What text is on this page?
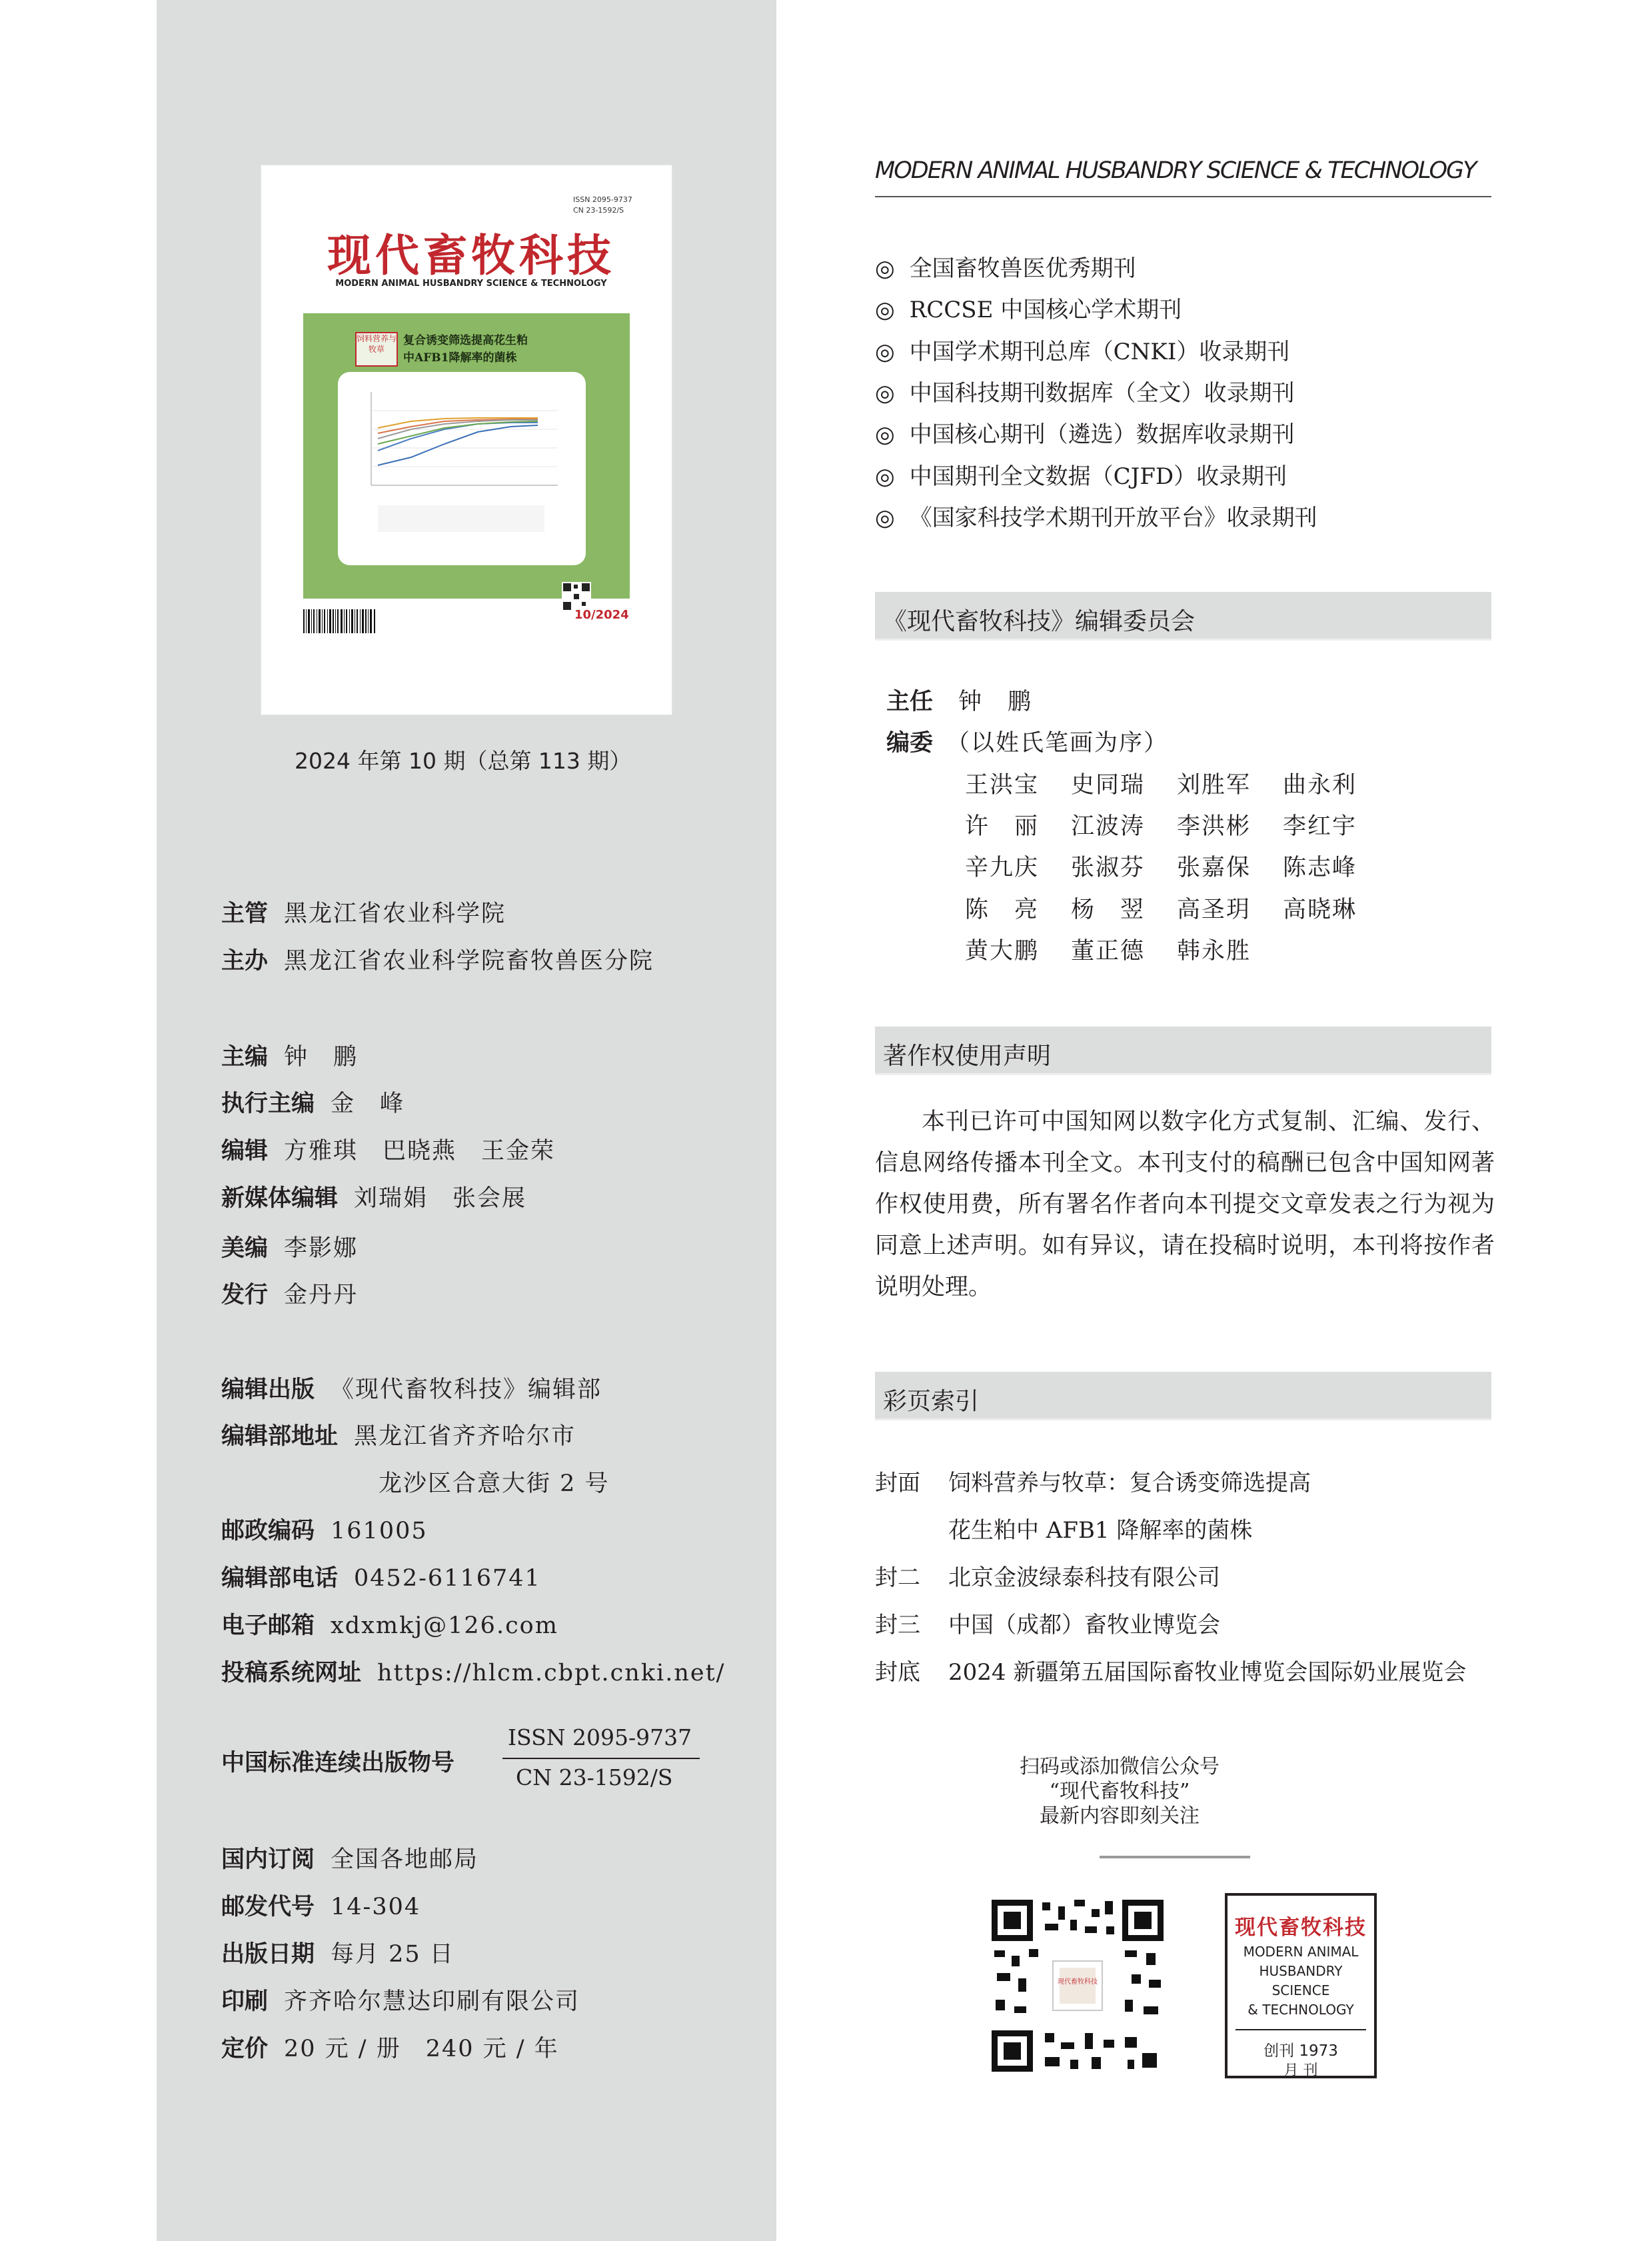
ISSN 2095-9737
CN 23-1592/S
现代畜牧科技
MODERN ANIMAL HUSBANDRY SCIENCE & TECHNOLOGY
饲料营养与牧草
复合诱变筛选提高花生粕
中AFB1降解率的菌株
10/2024
2024 年第 10 期（总第 113 期）
主管 黑龙江省农业科学院
主办 黑龙江省农业科学院畜牧兽医分院
主编 钟　鹏
执行主编 金　峰
编辑 方雅琪　巴晓燕　王金荣
新媒体编辑 刘瑞娟　张会展
美编 李影娜
发行 金丹丹
编辑出版 《现代畜牧科技》编辑部
编辑部地址 黑龙江省齐齐哈尔市
龙沙区合意大街 2 号
邮政编码 161005
编辑部电话 0452-6116741
电子邮箱 xdxmkj@126.com
投稿系统网址 https://hlcm.cbpt.cnki.net/
中国标准连续出版物号
ISSN 2095-9737
CN 23-1592/S
国内订阅 全国各地邮局
邮发代号 14-304
出版日期 每月 25 日
印刷 齐齐哈尔慧达印刷有限公司
定价 20 元 / 册　240 元 / 年
MODERN ANIMAL HUSBANDRY SCIENCE & TECHNOLOGY
◎ 全国畜牧兽医优秀期刊
◎ RCCSE 中国核心学术期刊
◎ 中国学术期刊总库（CNKI）收录期刊
◎ 中国科技期刊数据库（全文）收录期刊
◎ 中国核心期刊（遴选）数据库收录期刊
◎ 中国期刊全文数据（CJFD）收录期刊
◎ 《国家科技学术期刊开放平台》收录期刊
《现代畜牧科技》编辑委员会
主任 钟　鹏
编委 （以姓氏笔画为序）
王洪宝 史同瑞 刘胜军 曲永利
许　丽 江波涛 李洪彬 李红宇
辛九庆 张淑芬 张嘉保 陈志峰
陈　亮 杨　翌 高圣玥 高晓琳
黄大鹏 董正德 韩永胜
著作权使用声明
本刊已许可中国知网以数字化方式复制、汇编、发行、信息网络传播本刊全文。本刊支付的稿酬已包含中国知网著作权使用费，所有署名作者向本刊提交文章发表之行为视为同意上述声明。如有异议，请在投稿时说明，本刊将按作者说明处理。
彩页索引
封面 饲料营养与牧草：复合诱变筛选提高
花生粕中 AFB1 降解率的菌株
封二 北京金波绿泰科技有限公司
封三 中国（成都）畜牧业博览会
封底 2024 新疆第五届国际畜牧业博览会国际奶业展览会
扫码或添加微信公众号
“现代畜牧科技”
最新内容即刻关注
现代畜牧科技
现代畜牧科技
MODERN ANIMAL
HUSBANDRY
SCIENCE
& TECHNOLOGY
创刊 1973
月 刊
